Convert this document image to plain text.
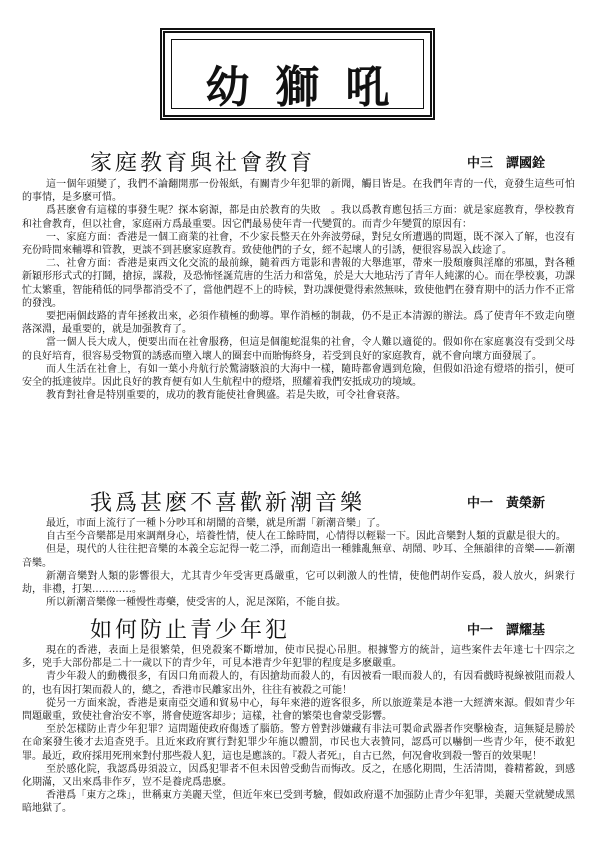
幼獅吼
家庭教育與社會教育	中三　譚國銓

這一個年頭變了，我們不論翻開那一份報紙，有關青少年犯罪的新聞，觸目皆是。在我們年青的一代，竟發生這些可怕的事情，是多麽可惜。

爲甚麽會有這樣的事發生呢？探本窮源，都是由於教育的失敗　。我以爲教育應包括三方面：就是家庭教育，學校教育和社會教育，但以社會，家庭兩方爲最重要。因它們最易使年青一代變質的。而青少年變質的原因有：

一、家庭方面：香港是一個工商業的社會，不少家長整天在外奔波勞碌，對兒女所遭遇的問題，既不深入了解，也沒有充份時間來輔導和管教，更談不到甚麽家庭教育。致使他們的子女，經不起壞人的引誘，便很容易誤入歧途了。

二、社會方面：香港是東西文化交流的最前線，隨着西方電影和書報的大舉進軍，帶來一股頹廢與淫靡的邪風，對各種新穎形形式式的打鬪，搶掠，謀殺，及恐怖怪誕荒唐的生活力和當兔，於是大大地玷汚了青年人純潔的心。而在學校裏，功課忙太繁重，智能稍低的同學都消受不了，當他們趕不上的時候，對功課便覺得索然無味，致使他們在發育期中的活力作不正常的發洩。

要把兩個歧路的青年拯救出來，必須作積極的動導。單作消極的制裁，仍不是正本清源的辦法。爲了使青年不致走向墮落深淵，最重要的，就是加强教育了。

當一個人長大成人，便要出而在社會服務，但這是個龍蛇混集的社會，令人難以適從的。假如你在家庭裏沒有受到父母的良好培育，很容易受物質的誘惑而墮入壞人的圈套中而貽悔終身，若受到良好的家庭教育，就不會向壞方面發展了。

而人生活在社會上，有如一葉小舟航行於驚濤駭浪的大海中一樣，隨時都會遇到危險，但假如沿途有燈塔的指引，便可安全的抵達彼岸。因此良好的教育便有如人生航程中的燈塔，照耀着我們安抵成功的境域。

教育對社會是特別重要的，成功的教育能使社會興盛。若是失敗，可令社會衰落。

我爲甚麽不喜歡新潮音樂	中一　黃榮新

最近，市面上流行了一種卜分吵耳和胡鬧的音樂，就是所謂「新潮音樂」了。

自古至今音樂都是用來調劑身心，培養性情，使人在工餘時間，心情得以輕鬆一下。因此音樂對人類的貢獻是很大的。

但是，現代的人往往把音樂的本義全忘記得一乾二淨，而創造出一種雜亂無章、胡鬧、吵耳、全無韻律的音樂——新潮音樂。

新潮音樂對人類的影響很大，尤其青少年受害更爲嚴重，它可以剌激人的性情，使他們胡作妄爲，殺人放火，糾衆行劫，非禮，打架…………。

所以新潮音樂像一種慢性毒藥，使受害的人，泥足深陷，不能自拔。

如何防止青少年犯	中一　譚耀基

現在的香港，表面上是很繁榮，但兇殺案不斷增加，使市民提心吊胆。根據警方的統計，這些案件去年達七十四宗之多，兇手大部份都是二十一歲以下的青少年，可見本港青少年犯罪的程度是多麽嚴重。

青少年殺人的動機很多，有因口角而殺人的，有因搶劫而殺人的，有因被看一眼而殺人的，有因看戲時視線被阻而殺人的，也有因打架而殺人的，總之，香港市民離家出外，往往有被殺之可能！

從另一方面來說，香港是東南亞交通和貿易中心，每年來港的遊客很多，所以旅遊業是本港一大經濟來源。假如青少年問題嚴重，致使社會治安不寧，將會使遊客却步；這樣，社會的繁榮也會蒙受影響。

至於怎樣防止青少年犯罪？這問題使政府傷透了腦筋。警方曾對涉嫌藏有非法可製命武器者作突擊檢查，這無疑是勝於在命案發生後才去追查兇手。且近來政府實行對犯罪少年施以體罰，市民也大表贊同，認爲可以嚇倒一些青少年，使不敢犯罪。最近，政府採用死刑來對付那些殺人犯，這也是應該的。『殺人者死』，自古已然，何况會收到殺一警百的效果呢！

至於感化院，我認爲毋須設立，因爲犯罪者不但未因曾受動告而悔改。反之，在感化期間，生活清閒，養精蓄銳，到感化期滿，又出來爲非作歹，豈不是養虎爲患麽。

香港爲「東方之珠」，世稱東方美麗天堂，但近年來已受到考驗，假如政府還不加强防止青少年犯罪，美麗天堂就變成黑暗地獄了。
